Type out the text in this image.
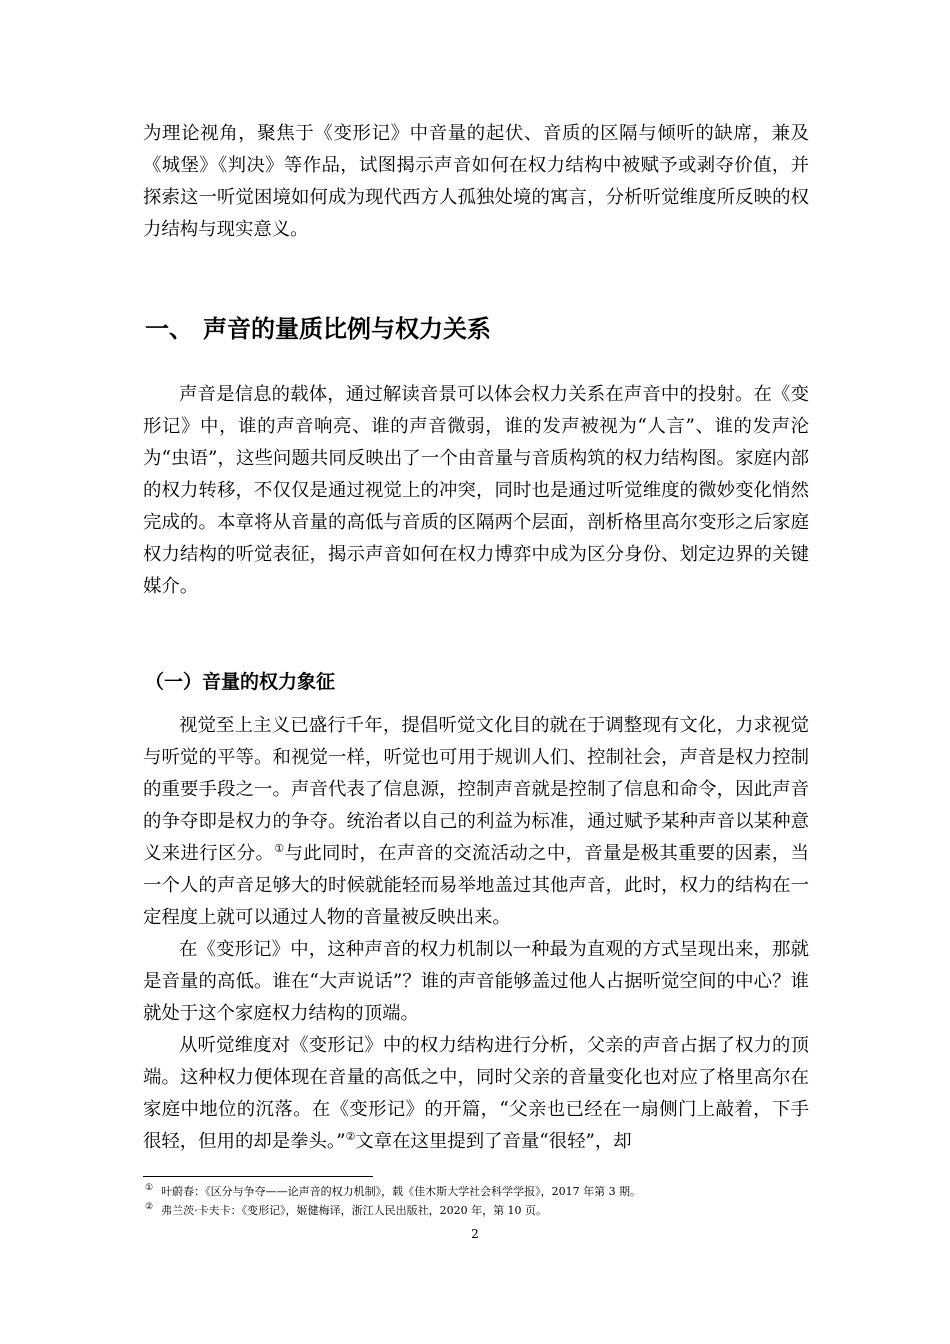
为理论视角，聚焦于《变形记》中音量的起伏、音质的区隔与倾听的缺席，兼及《城堡》《判决》等作品，试图揭示声音如何在权力结构中被赋予或剥夺价值，并探索这一听觉困境如何成为现代西方人孤独处境的寓言，分析听觉维度所反映的权力结构与现实意义。

一、 声音的量质比例与权力关系

声音是信息的载体，通过解读音景可以体会权力关系在声音中的投射。在《变形记》中，谁的声音响亮、谁的声音微弱，谁的发声被视为“人言”、谁的发声沦为“虫语”，这些问题共同反映出了一个由音量与音质构筑的权力结构图。家庭内部的权力转移，不仅仅是通过视觉上的冲突，同时也是通过听觉维度的微妙变化悄然完成的。本章将从音量的高低与音质的区隔两个层面，剖析格里高尔变形之后家庭权力结构的听觉表征，揭示声音如何在权力博弈中成为区分身份、划定边界的关键媒介。

（一）音量的权力象征

视觉至上主义已盛行千年，提倡听觉文化目的就在于调整现有文化，力求视觉与听觉的平等。和视觉一样，听觉也可用于规训人们、控制社会，声音是权力控制的重要手段之一。声音代表了信息源，控制声音就是控制了信息和命令，因此声音的争夺即是权力的争夺。统治者以自己的利益为标准，通过赋予某种声音以某种意义来进行区分。①与此同时，在声音的交流活动之中，音量是极其重要的因素，当一个人的声音足够大的时候就能轻而易举地盖过其他声音，此时，权力的结构在一定程度上就可以通过人物的音量被反映出来。

在《变形记》中，这种声音的权力机制以一种最为直观的方式呈现出来，那就是音量的高低。谁在“大声说话”？谁的声音能够盖过他人占据听觉空间的中心？谁就处于这个家庭权力结构的顶端。

从听觉维度对《变形记》中的权力结构进行分析，父亲的声音占据了权力的顶端。这种权力便体现在音量的高低之中，同时父亲的音量变化也对应了格里高尔在家庭中地位的沉落。在《变形记》的开篇，“父亲也已经在一扇侧门上敲着，下手很轻，但用的却是拳头。”②文章在这里提到了音量“很轻”，却

① 叶蔚春：《区分与争夺——论声音的权力机制》，载《佳木斯大学社会科学学报》，2017 年第 3 期。

② 弗兰茨·卡夫卡：《变形记》，姬健梅译，浙江人民出版社，2020 年，第 10 页。

2
